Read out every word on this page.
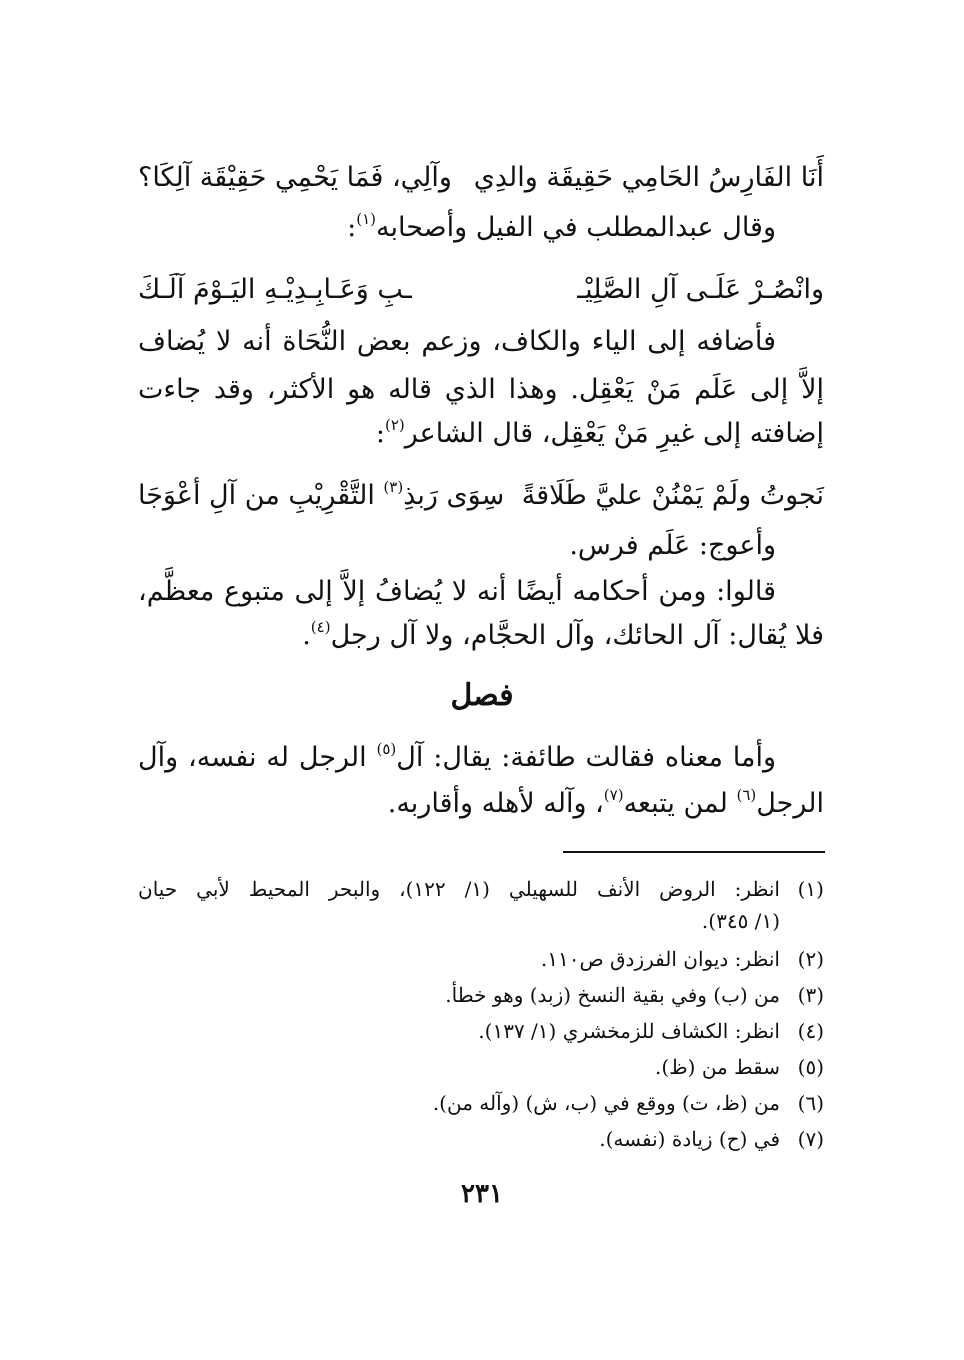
أَنَا الفَارِسُ الحَامِي حَقِيقَة والدِي
وآلِي، فَمَا يَحْمِي حَقِيْقَة آلِكَا؟
وقال عبدالمطلب في الفيل وأصحابه$^{(١)}$:
وانْصُـرْ عَلَـى آلِ الصَّلِيْـ
ـبِ وَعَـابِـدِيْـهِ اليَـوْمَ آلَـكَ
فأضافه إلى الياء والكاف، وزعم بعض النُّحَاة أنه لا يُضاف
إلاَّ إلى عَلَم مَنْ يَعْقِل. وهذا الذي قاله هو الأكثر، وقد جاءت
إضافته إلى غيرِ مَنْ يَعْقِل، قال الشاعر$^{(٢)}$:
نَجوتُ ولَمْ يَمْنُنْ عليَّ طَلَاقةً
سِوَى رَبذِ$^{(٣)}$ التَّقْرِيْبِ من آلِ أعْوَجَا
وأعوج: عَلَم فرس.
قالوا: ومن أحكامه أيضًا أنه لا يُضافُ إلاَّ إلى متبوع معظَّم،
فلا يُقال: آل الحائك، وآل الحجَّام، ولا آل رجل$^{(٤)}$.
فصل
وأما معناه فقالت طائفة: يقال: آل$^{(٥)}$ الرجل له نفسه، وآل
الرجل$^{(٦)}$ لمن يتبعه$^{(٧)}$، وآله لأهله وأقاربه.
(١)انظر: الروض الأنف للسهيلي (١/ ١٢٢)، والبحر المحيط لأبي حيان
(١/ ٣٤٥).
(٢)انظر: ديوان الفرزدق ص١١٠.
(٣)من (ب) وفي بقية النسخ (زبد) وهو خطأ.
(٤)انظر: الكشاف للزمخشري (١/ ١٣٧).
(٥)سقط من (ظ).
(٦)من (ظ، ت) ووقع في (ب، ش) (وآله من).
(٧)في (ح) زيادة (نفسه).
٢٣١
